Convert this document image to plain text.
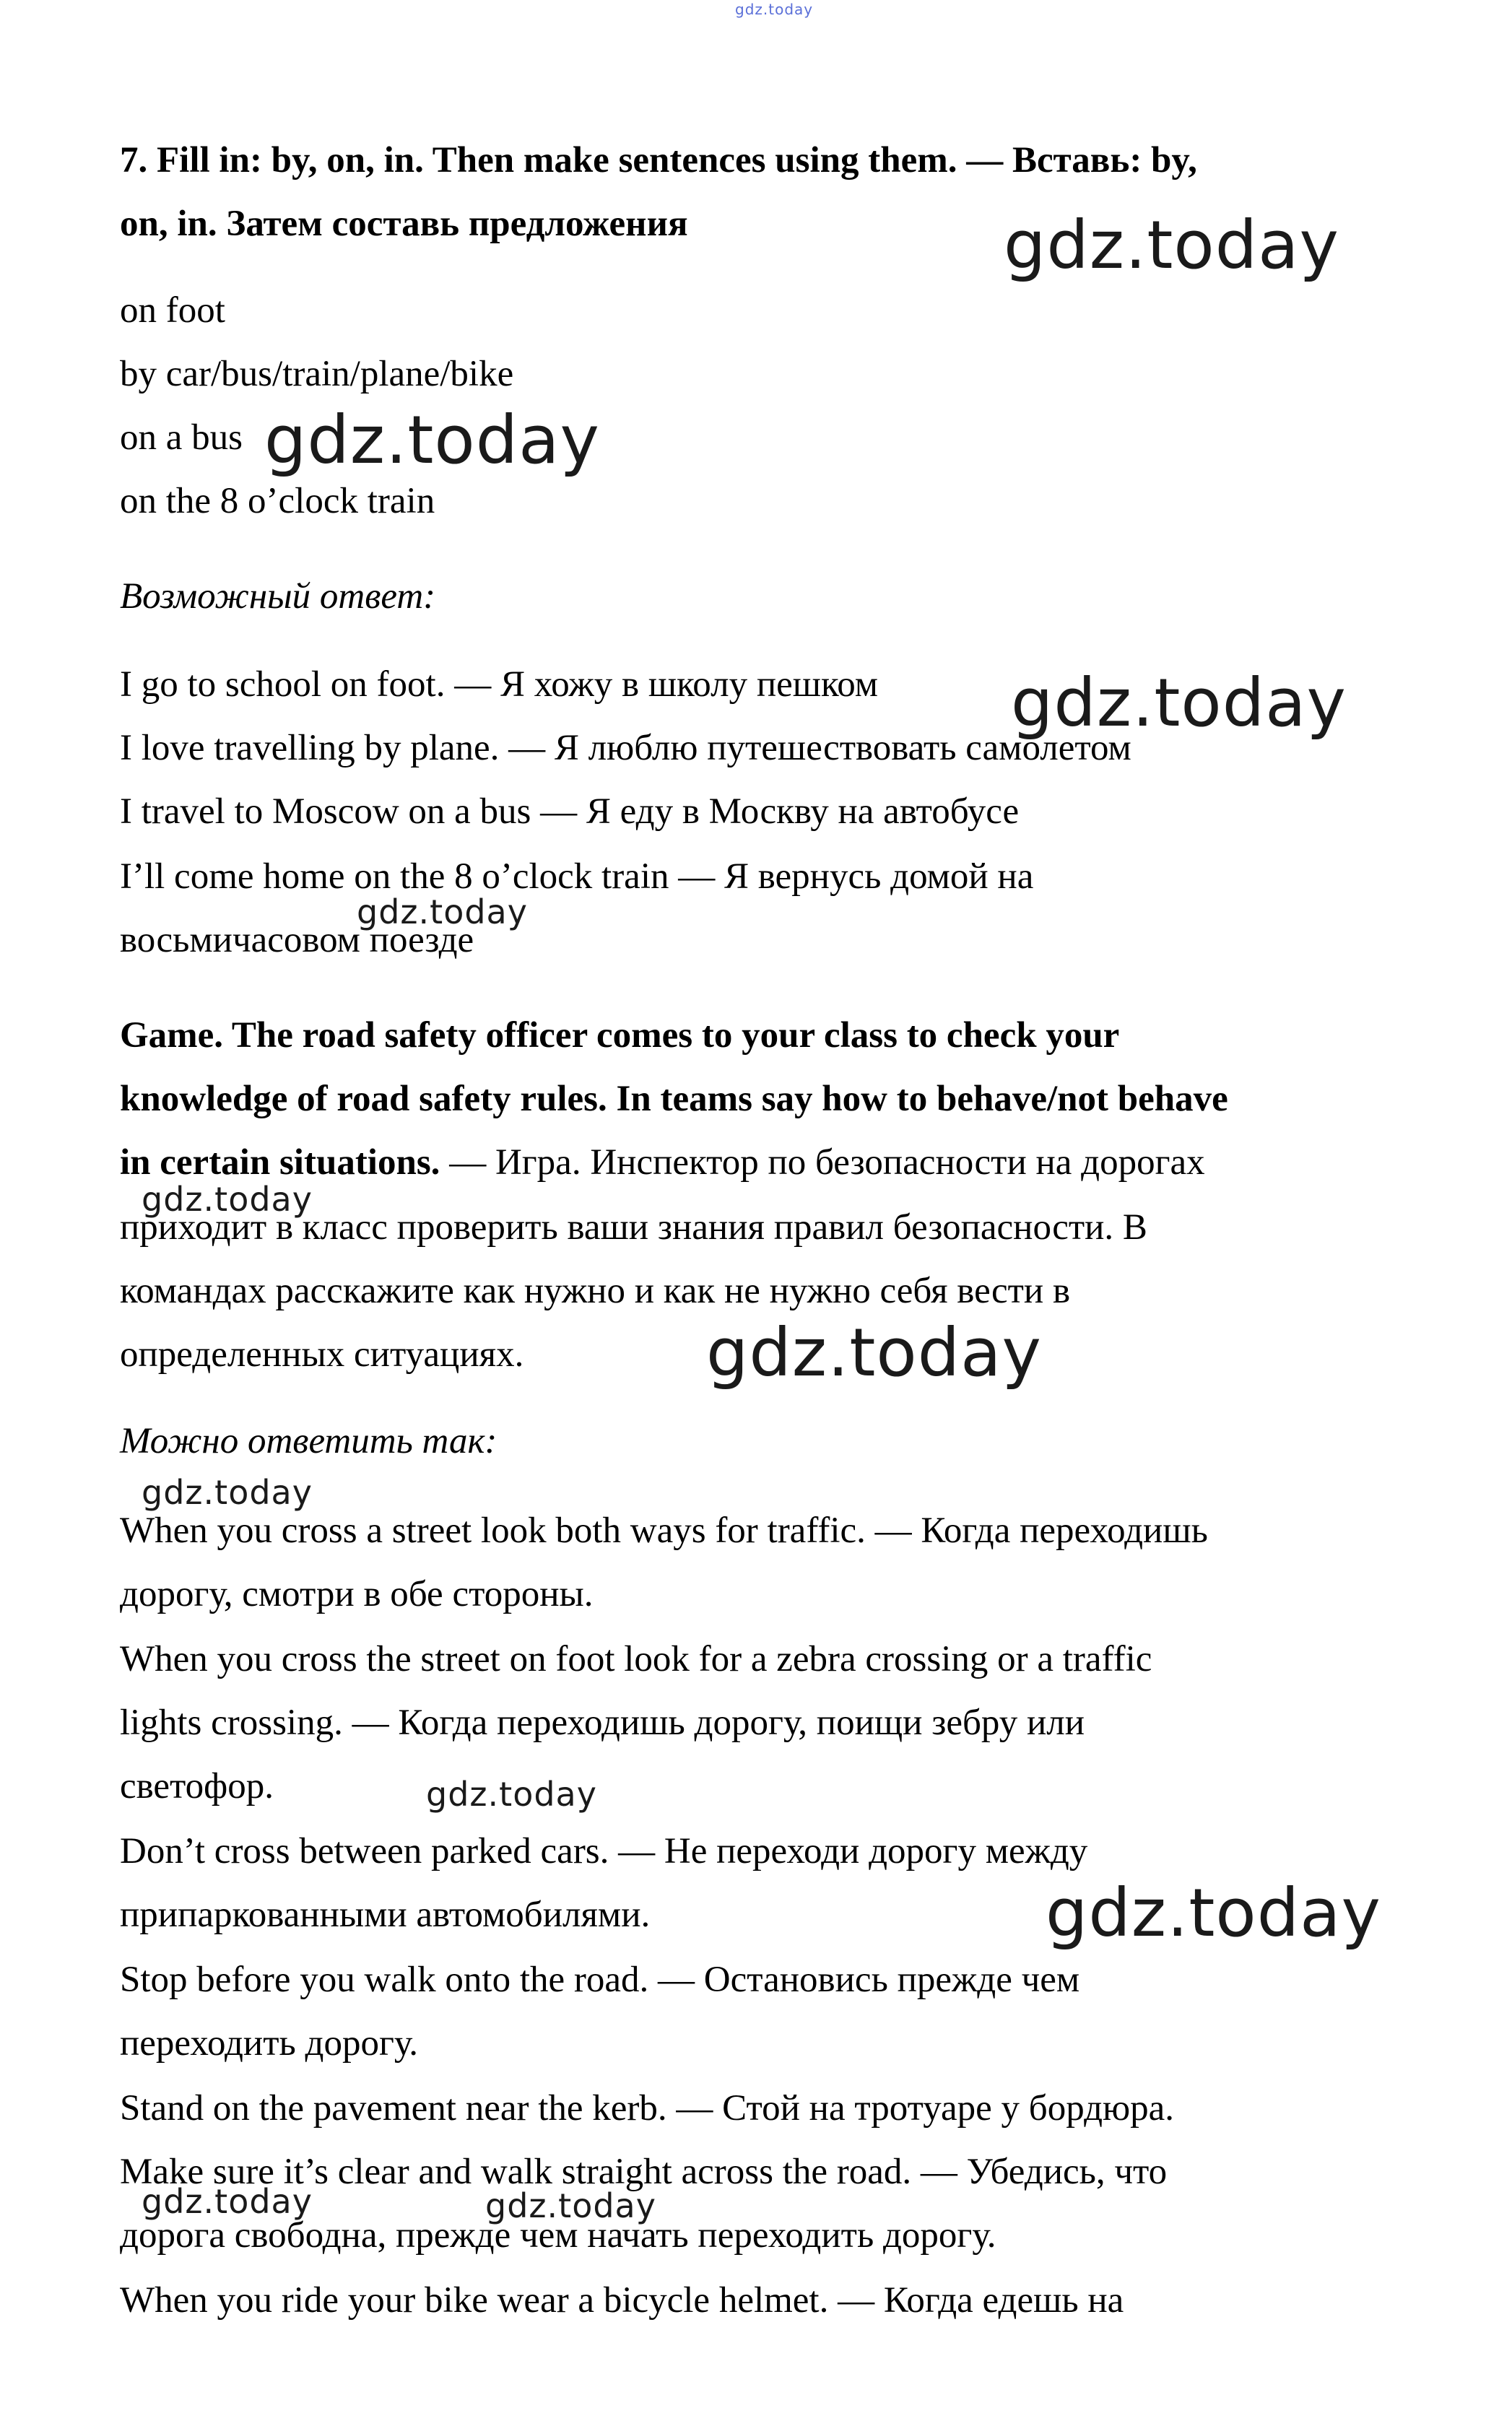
gdz.today
7. Fill in: by, on, in. Then make sentences using them. — Вставь: by,
on, in. Затем составь предложения
on foot
by car/bus/train/plane/bike
on a bus
on the 8 o’clock train
Возможный ответ:
I go to school on foot. — Я хожу в школу пешком
I love travelling by plane. — Я люблю путешествовать самолетом
I travel to Moscow on a bus — Я еду в Москву на автобусе
I’ll come home on the 8 o’clock train — Я вернусь домой на
восьмичасовом поезде
Game. The road safety officer comes to your class to check your
knowledge of road safety rules. In teams say how to behave/not behave
in certain situations. — Игра. Инспектор по безопасности на дорогах
приходит в класс проверить ваши знания правил безопасности. В
командах расскажите как нужно и как не нужно себя вести в
определенных ситуациях.
Можно ответить так:
When you cross a street look both ways for traffic. — Когда переходишь
дорогу, смотри в обе стороны.
When you cross the street on foot look for a zebra crossing or a traffic
lights crossing. — Когда переходишь дорогу, поищи зебру или
светофор.
Don’t cross between parked cars. — Не переходи дорогу между
припаркованными автомобилями.
Stop before you walk onto the road. — Остановись прежде чем
переходить дорогу.
Stand on the pavement near the kerb. — Стой на тротуаре у бордюра.
Make sure it’s clear and walk straight across the road. — Убедись, что
дорога свободна, прежде чем начать переходить дорогу.
When you ride your bike wear a bicycle helmet. — Когда едешь на
gdz.today
gdz.today
gdz.today
gdz.today
gdz.today
gdz.today
gdz.today
gdz.today
gdz.today
gdz.today	gdz.today
